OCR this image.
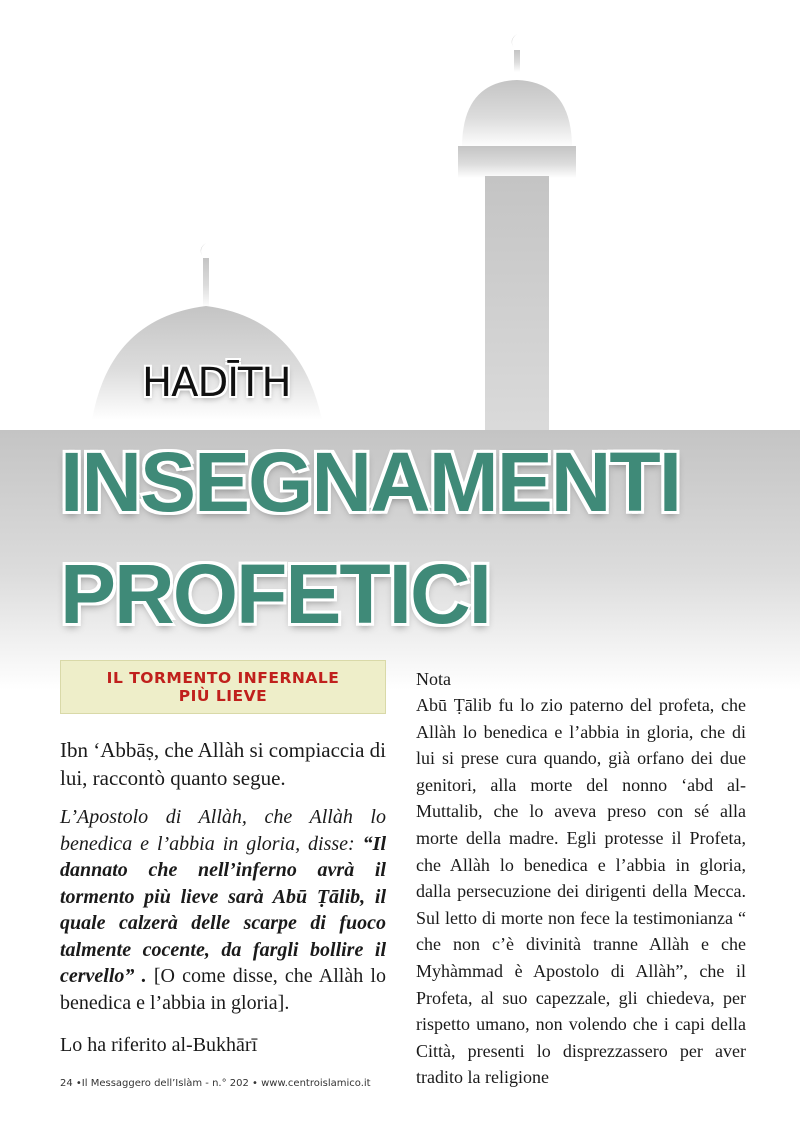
HADĪTH
INSEGNAMENTI
PROFETICI
IL TORMENTO INFERNALE
PIÙ LIEVE

Ibn ‘Abbāṣ, che Allàh si compiaccia di lui, raccontò quanto segue.

L’Apostolo di Allàh, che Allàh lo benedica e l’abbia in gloria, disse: “Il dannato che nell’inferno avrà il tormento più lieve sarà Abū Ṭālib, il quale calzerà delle scarpe di fuoco talmente cocente, da fargli bollire il cervello” . [O come disse, che Allàh lo benedica e l’abbia in gloria].

Lo ha riferito al-Bukhārī

Nota
Abū Ṭālib fu lo zio paterno del profeta, che Allàh lo benedica e l’abbia in gloria, che di lui si prese cura quando, già orfano dei due genitori, alla morte del nonno ‘abd al-Muttalib, che lo aveva preso con sé alla morte della madre. Egli protesse il Profeta, che Allàh lo benedica e l’abbia in gloria, dalla persecuzione dei dirigenti della Mecca. Sul letto di morte non fece la testimonianza “ che non c’è divinità tranne Allàh e che Myhàmmad è Apostolo di Allàh”, che il Profeta, al suo capezzale, gli chiedeva, per rispetto umano, non volendo che i capi della Città, presenti lo disprezzassero per aver tradito la religione
24 •Il Messaggero dell’Islàm - n.° 202 • www.centroislamico.it
